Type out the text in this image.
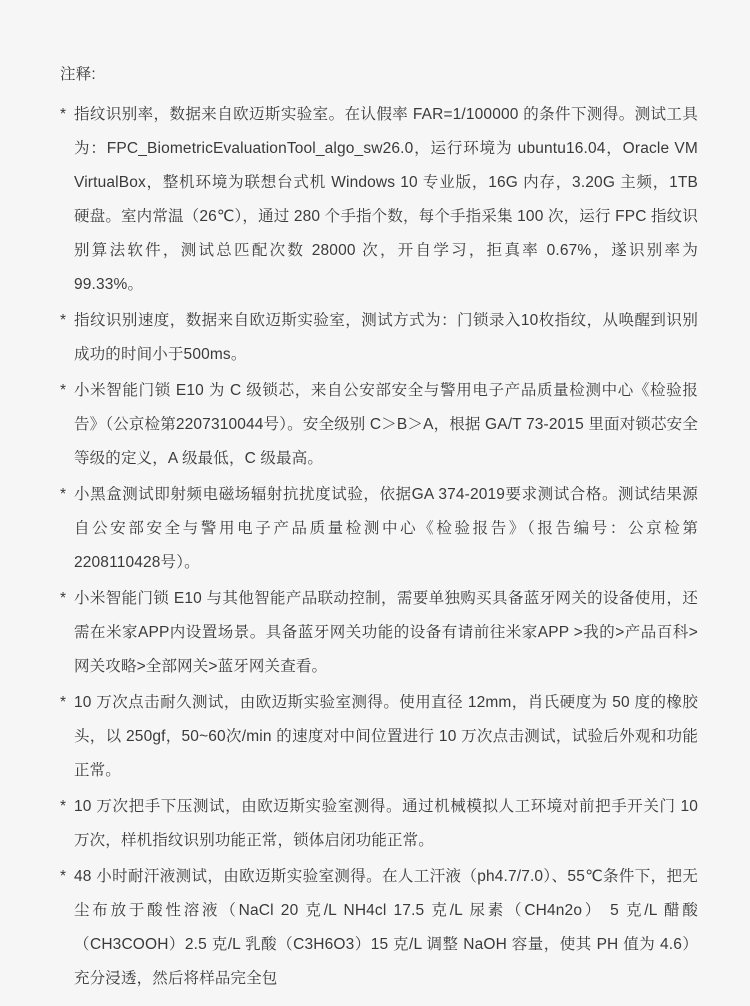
注释:
* 指纹识别率，数据来自欧迈斯实验室。在认假率 FAR=1/100000 的条件下测得。测试工具为：FPC_BiometricEvaluationTool_algo_sw26.0，运行环境为 ubuntu16.04，Oracle VM VirtualBox，整机环境为联想台式机 Windows 10 专业版，16G 内存，3.20G 主频，1TB 硬盘。室内常温（26℃），通过 280 个手指个数，每个手指采集 100 次，运行 FPC 指纹识别算法软件，测试总匹配次数 28000 次，开自学习，拒真率 0.67%，遂识别率为 99.33%。
* 指纹识别速度，数据来自欧迈斯实验室，测试方式为：门锁录入10枚指纹，从唤醒到识别成功的时间小于500ms。
* 小米智能门锁 E10 为 C 级锁芯，来自公安部安全与警用电子产品质量检测中心《检验报告》（公京检第2207310044号）。安全级别 C＞B＞A，根据 GA/T 73-2015 里面对锁芯安全等级的定义，A 级最低，C 级最高。
* 小黑盒测试即射频电磁场辐射抗扰度试验，依据GA 374-2019要求测试合格。测试结果源自公安部安全与警用电子产品质量检测中心《检验报告》（报告编号：公京检第2208110428号）。
* 小米智能门锁 E10 与其他智能产品联动控制，需要单独购买具备蓝牙网关的设备使用，还需在米家APP内设置场景。具备蓝牙网关功能的设备有请前往米家APP >我的>产品百科>网关攻略>全部网关>蓝牙网关查看。
* 10 万次点击耐久测试，由欧迈斯实验室测得。使用直径 12mm，肖氏硬度为 50 度的橡胶头，以 250gf，50~60次/min 的速度对中间位置进行 10 万次点击测试，试验后外观和功能正常。
* 10 万次把手下压测试，由欧迈斯实验室测得。通过机械模拟人工环境对前把手开关门 10 万次，样机指纹识别功能正常，锁体启闭功能正常。
* 48 小时耐汗液测试，由欧迈斯实验室测得。在人工汗液（ph4.7/7.0）、55℃条件下，把无尘布放于酸性溶液（NaCl 20 克/L NH4cl 17.5 克/L 尿素（CH4n2o） 5 克/L 醋酸（CH3COOH）2.5 克/L 乳酸（C3H6O3）15 克/L 调整 NaOH 容量，使其 PH 值为 4.6）充分浸透，然后将样品完全包
